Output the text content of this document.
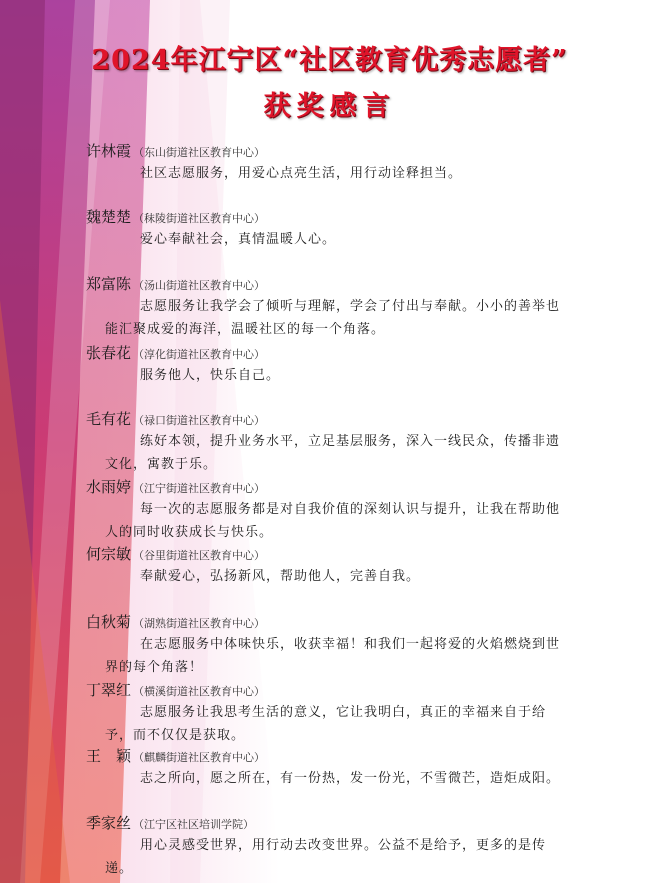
2024年江宁区“社区教育优秀志愿者”
获奖感言
许林霞 （东山街道社区教育中心）
社区志愿服务，用爱心点亮生活，用行动诠释担当。
魏楚楚 （秣陵街道社区教育中心）
爱心奉献社会，真情温暖人心。
郑富陈 （汤山街道社区教育中心）
志愿服务让我学会了倾听与理解，学会了付出与奉献。小小的善举也能汇聚成爱的海洋，温暖社区的每一个角落。
张春花 （淳化街道社区教育中心）
服务他人，快乐自己。
毛有花 （禄口街道社区教育中心）
练好本领，提升业务水平，立足基层服务，深入一线民众，传播非遗文化，寓教于乐。
水雨婷 （江宁街道社区教育中心）
每一次的志愿服务都是对自我价值的深刻认识与提升，让我在帮助他人的同时收获成长与快乐。
何宗敏 （谷里街道社区教育中心）
奉献爱心，弘扬新风，帮助他人，完善自我。
白秋菊 （湖熟街道社区教育中心）
在志愿服务中体味快乐，收获幸福！和我们一起将爱的火焰燃烧到世界的每个角落！
丁翠红 （横溪街道社区教育中心）
志愿服务让我思考生活的意义，它让我明白，真正的幸福来自于给予，而不仅仅是获取。
王　颖 （麒麟街道社区教育中心）
志之所向，愿之所在，有一份热，发一份光，不雪微芒，造炬成阳。
季家丝 （江宁区社区培训学院）
用心灵感受世界，用行动去改变世界。公益不是给予，更多的是传递。
